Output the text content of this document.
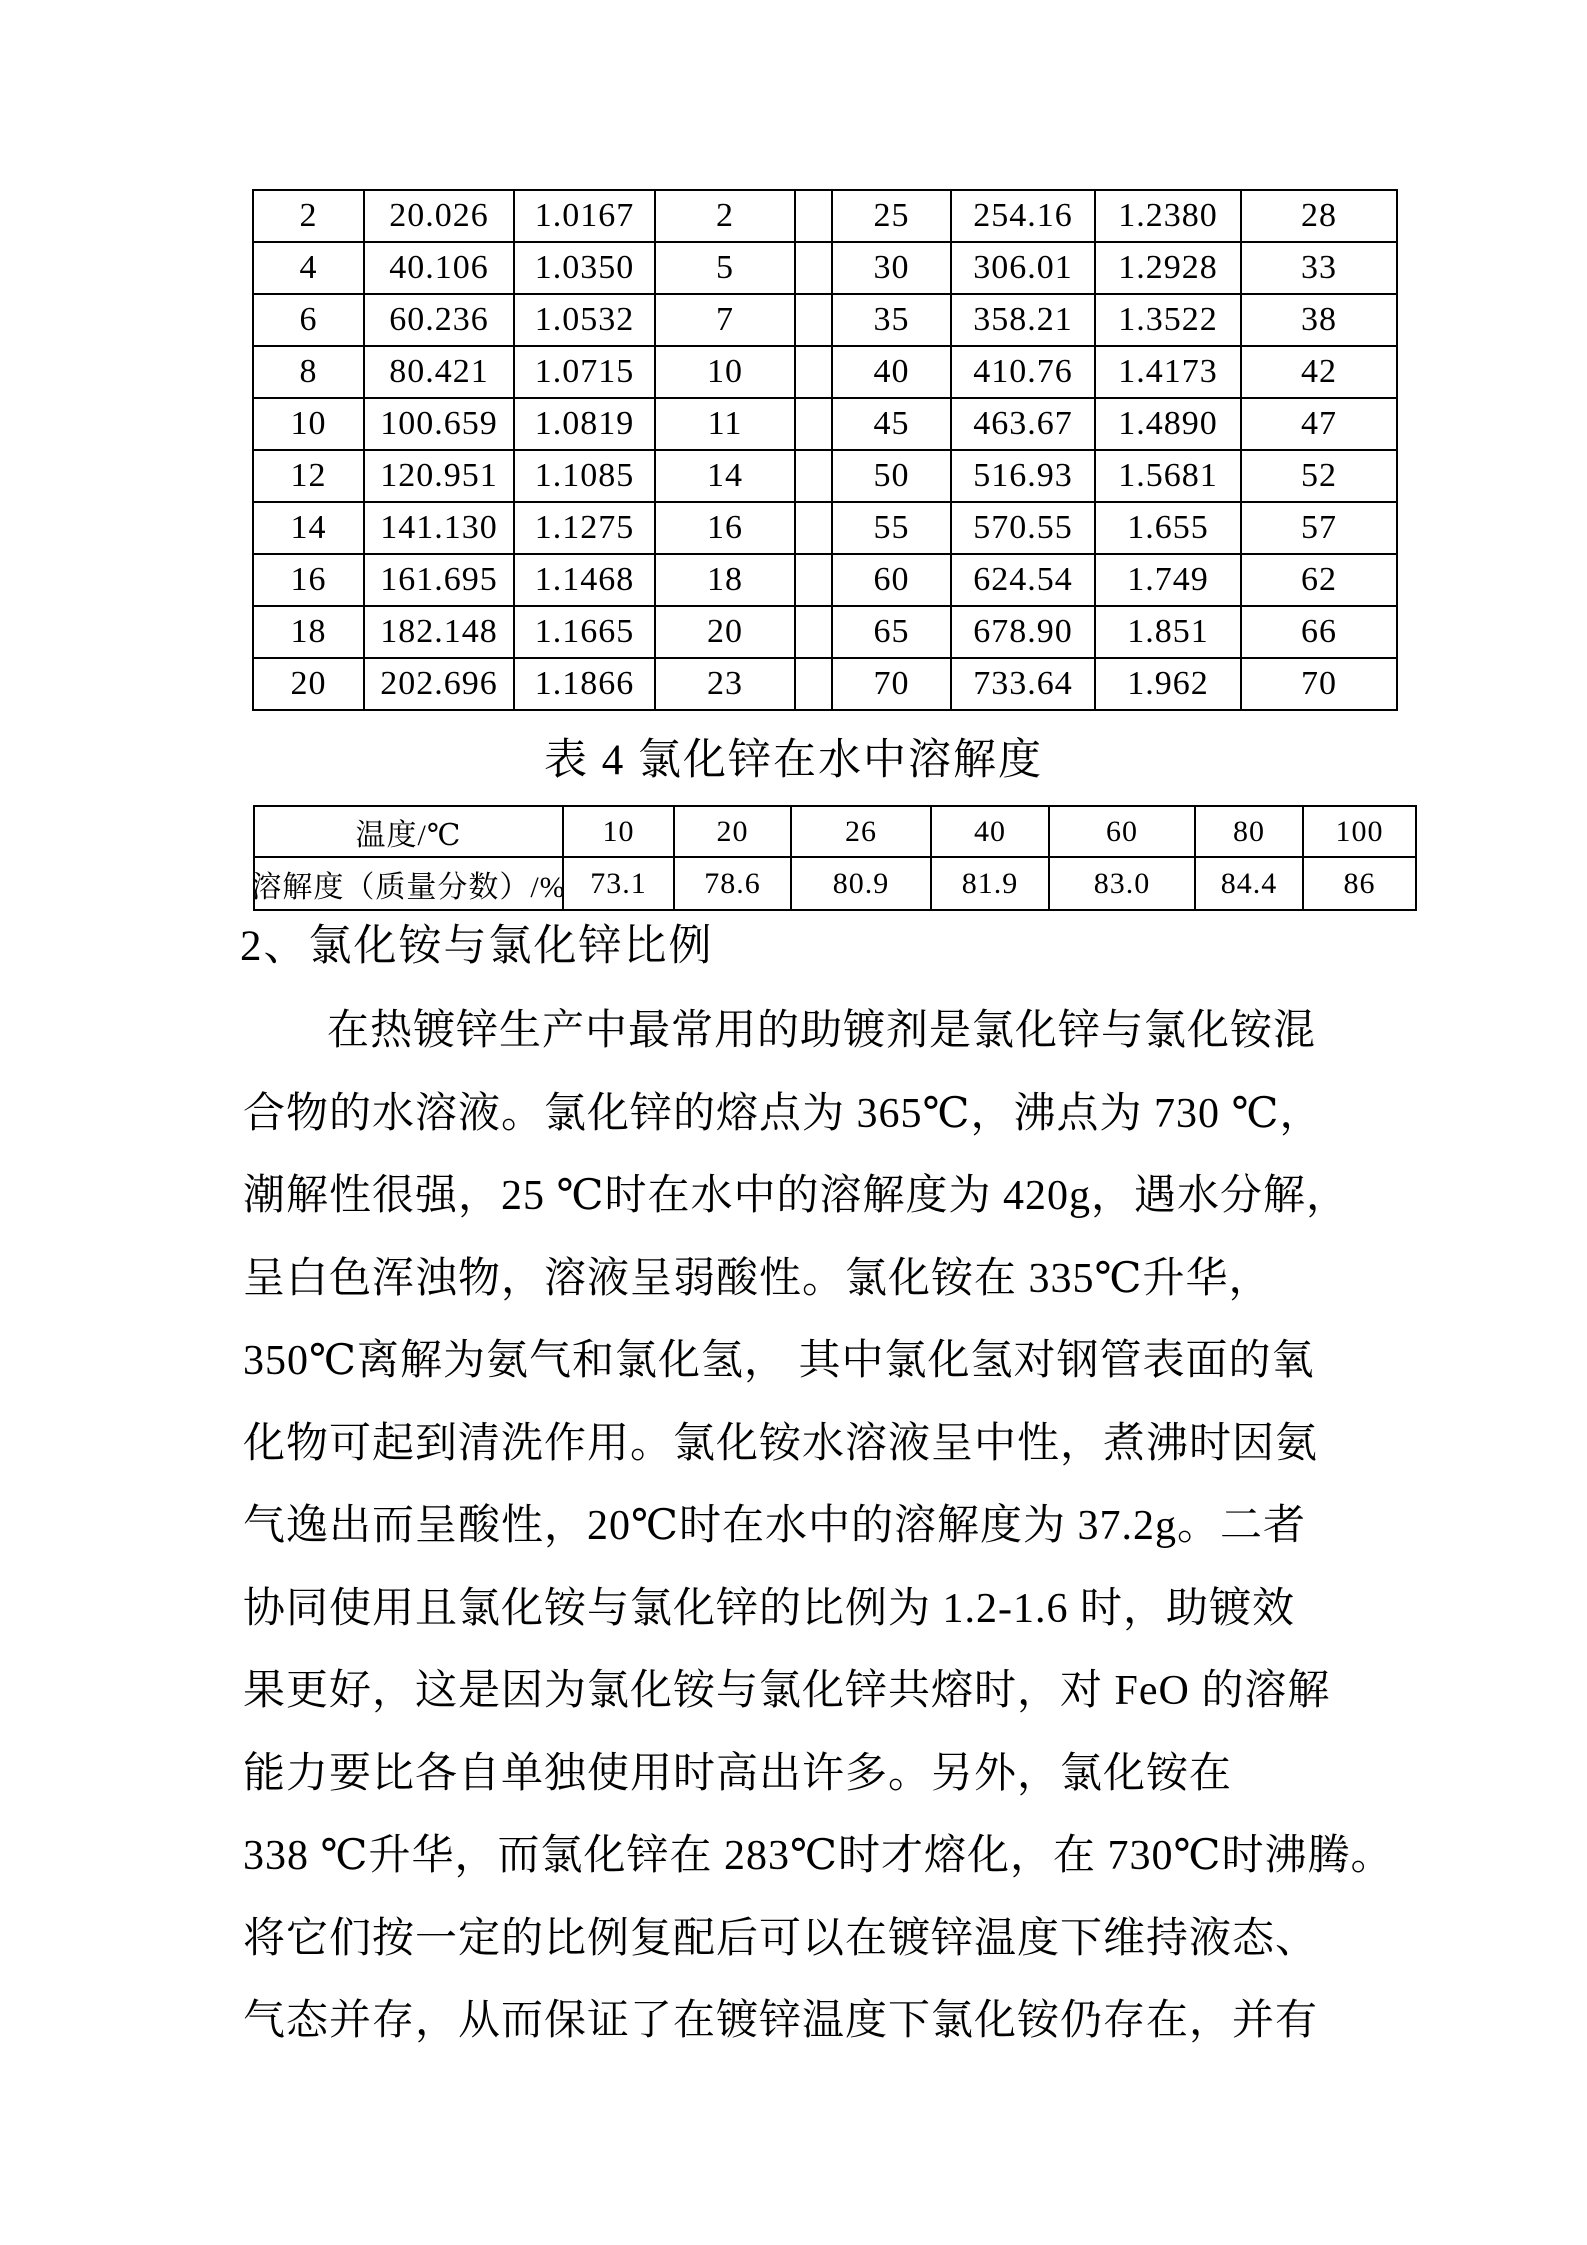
2	20.026	1.0167	2	25	254.16	1.2380	28
4	40.106	1.0350	5	30	306.01	1.2928	33
6	60.236	1.0532	7	35	358.21	1.3522	38
8	80.421	1.0715	10	40	410.76	1.4173	42
10	100.659	1.0819	11	45	463.67	1.4890	47
12	120.951	1.1085	14	50	516.93	1.5681	52
14	141.130	1.1275	16	55	570.55	1.655	57
16	161.695	1.1468	18	60	624.54	1.749	62
18	182.148	1.1665	20	65	678.90	1.851	66
20	202.696	1.1866	23	70	733.64	1.962	70
表 4 氯化锌在水中溶解度
温度/℃	10	20	26	40	60	80	100
溶解度（质量分数）/% 73.1	78.6	80.9	81.9	83.0	84.4	86
2、氯化铵与氯化锌比例
在热镀锌生产中最常用的助镀剂是氯化锌与氯化铵混
合物的水溶液。氯化锌的熔点为 365℃，沸点为 730 ℃，
潮解性很强，25 ℃时在水中的溶解度为 420g，遇水分解，
呈白色浑浊物，溶液呈弱酸性。氯化铵在 335℃升华，
350℃离解为氨气和氯化氢， 其中氯化氢对钢管表面的氧
化物可起到清洗作用。氯化铵水溶液呈中性，煮沸时因氨
气逸出而呈酸性，20℃时在水中的溶解度为 37.2g。二者
协同使用且氯化铵与氯化锌的比例为 1.2-1.6 时，助镀效
果更好，这是因为氯化铵与氯化锌共熔时，对 FeO 的溶解
能力要比各自单独使用时高出许多。另外，氯化铵在
338 ℃升华，而氯化锌在 283℃时才熔化，在 730℃时沸腾。
将它们按一定的比例复配后可以在镀锌温度下维持液态、
气态并存，从而保证了在镀锌温度下氯化铵仍存在，并有
